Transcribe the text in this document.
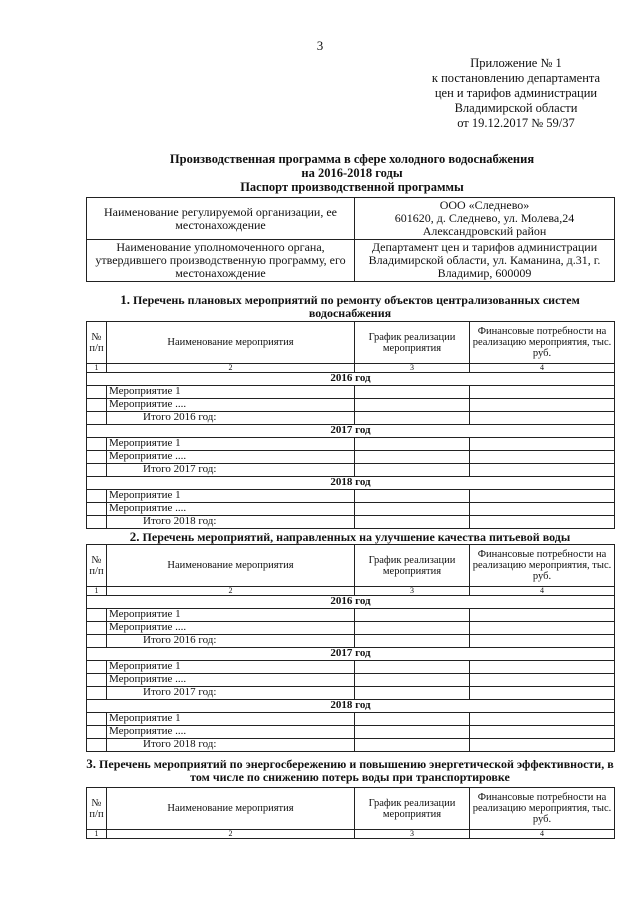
3
Приложение № 1
к постановлению департамента
цен и тарифов администрации
Владимирской области
от 19.12.2017 № 59/37
Производственная программа в сфере холодного водоснабжения
на 2016-2018 годы
Паспорт производственной программы
Наименование регулируемой организации, ее местонахождение	ООО «Следнево»
601620, д. Следнево, ул. Молева,24
Александровский район

Наименование уполномоченного органа, утвердившего производственную программу, его местонахождение	Департамент цен и тарифов администрации Владимирской области, ул. Каманина, д.31, г. Владимир, 600009
1. Перечень плановых мероприятий по ремонту объектов централизованных систем водоснабжения
№ п/п	Наименование мероприятия	График реализации мероприятия	Финансовые потребности на реализацию мероприятия, тыс. руб.
1	2	3	4
2016 год			
	Мероприятие 1		
	Мероприятие ....		
	Итого 2016 год:		
2017 год			
	Мероприятие 1		
	Мероприятие ....		
	Итого 2017 год:		
2018 год			
	Мероприятие 1		
	Мероприятие ....		
	Итого 2018 год:		
2. Перечень мероприятий, направленных на улучшение качества питьевой воды
№ п/п	Наименование мероприятия	График реализации мероприятия	Финансовые потребности на реализацию мероприятия, тыс. руб.
1	2	3	4
2016 год			
	Мероприятие 1		
	Мероприятие ....		
	Итого 2016 год:		
2017 год			
	Мероприятие 1		
	Мероприятие ....		
	Итого 2017 год:		
2018 год			
	Мероприятие 1		
	Мероприятие ....		
	Итого 2018 год:		
3. Перечень мероприятий по энергосбережению и повышению энергетической эффективности, в том числе по снижению потерь воды при транспортировке
№ п/п	Наименование мероприятия	График реализации мероприятия	Финансовые потребности на реализацию мероприятия, тыс. руб.
1	2	3	4
